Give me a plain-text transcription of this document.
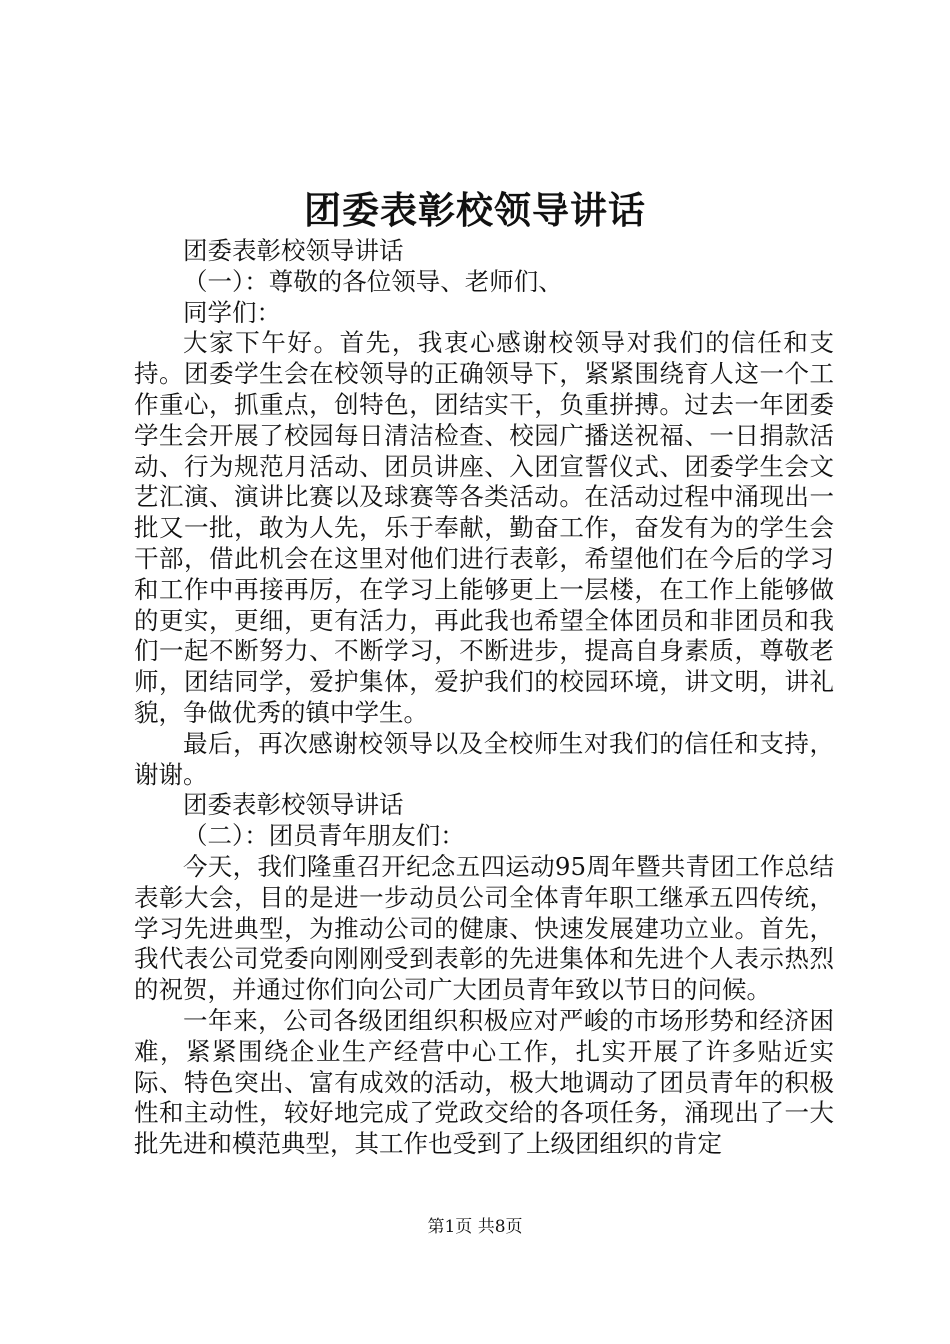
团委表彰校领导讲话

团委表彰校领导讲话

（一）：尊敬的各位领导、老师们、

同学们：

大家下午好。首先，我衷心感谢校领导对我们的信任和支持。团委学生会在校领导的正确领导下，紧紧围绕育人这一个工作重心，抓重点，创特色，团结实干，负重拼搏。过去一年团委学生会开展了校园每日清洁检查、校园广播送祝福、一日捐款活动、行为规范月活动、团员讲座、入团宣誓仪式、团委学生会文艺汇演、演讲比赛以及球赛等各类活动。在活动过程中涌现出一批又一批，敢为人先，乐于奉献，勤奋工作，奋发有为的学生会干部，借此机会在这里对他们进行表彰，希望他们在今后的学习和工作中再接再厉，在学习上能够更上一层楼，在工作上能够做的更实，更细，更有活力，再此我也希望全体团员和非团员和我们一起不断努力、不断学习，不断进步，提高自身素质，尊敬老师，团结同学，爱护集体，爱护我们的校园环境，讲文明，讲礼貌，争做优秀的镇中学生。

最后，再次感谢校领导以及全校师生对我们的信任和支持，谢谢。

团委表彰校领导讲话

（二）：团员青年朋友们：

今天，我们隆重召开纪念五四运动95周年暨共青团工作总结表彰大会，目的是进一步动员公司全体青年职工继承五四传统，学习先进典型，为推动公司的健康、快速发展建功立业。首先，我代表公司党委向刚刚受到表彰的先进集体和先进个人表示热烈的祝贺，并通过你们向公司广大团员青年致以节日的问候。

一年来，公司各级团组织积极应对严峻的市场形势和经济困难，紧紧围绕企业生产经营中心工作，扎实开展了许多贴近实际、特色突出、富有成效的活动，极大地调动了团员青年的积极性和主动性，较好地完成了党政交给的各项任务，涌现出了一大批先进和模范典型，其工作也受到了上级团组织的肯定

第1页 共8页
